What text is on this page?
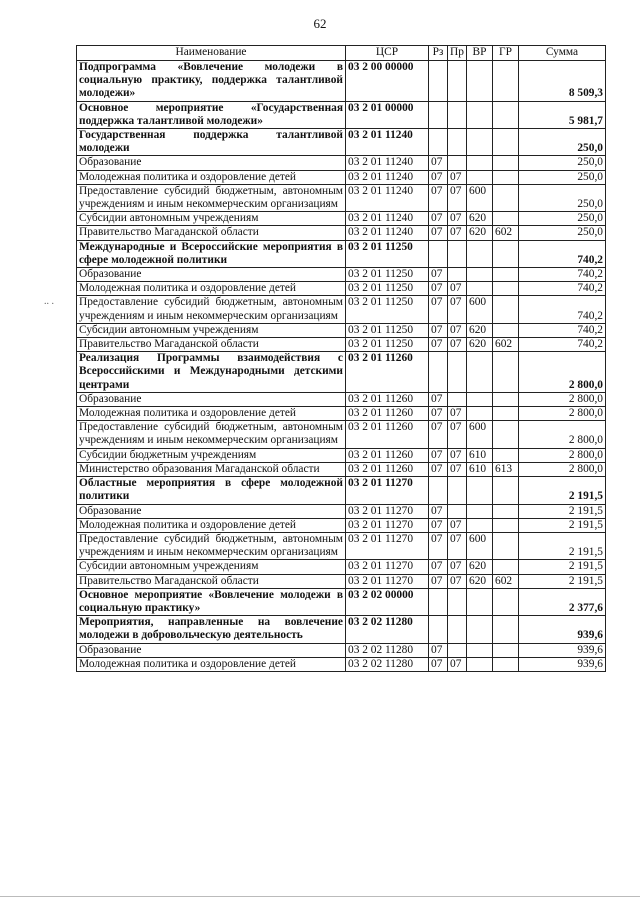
62
.. .
Наименование	ЦСР	Рз	Пр	ВР	ГР	Сумма
Подпрограмма «Вовлечение молодежи в социальную практику, поддержка талантливой молодежи»	03 2 00 00000					8 509,3
Основное мероприятие «Государственная поддержка талантливой молодежи»	03 2 01 00000					5 981,7
Государственная поддержка талантливой молодежи	03 2 01 11240					250,0
Образование	03 2 01 11240	07				250,0
Молодежная политика и оздоровление детей	03 2 01 11240	07	07			250,0
Предоставление субсидий бюджетным, автономным учреждениям и иным некоммерческим организациям	03 2 01 11240	07	07	600		250,0
Субсидии автономным учреждениям	03 2 01 11240	07	07	620		250,0
Правительство Магаданской области	03 2 01 11240	07	07	620	602	250,0
Международные и Всероссийские мероприятия в сфере молодежной политики	03 2 01 11250					740,2
Образование	03 2 01 11250	07				740,2
Молодежная политика и оздоровление детей	03 2 01 11250	07	07			740,2
Предоставление субсидий бюджетным, автономным учреждениям и иным некоммерческим организациям	03 2 01 11250	07	07	600		740,2
Субсидии автономным учреждениям	03 2 01 11250	07	07	620		740,2
Правительство Магаданской области	03 2 01 11250	07	07	620	602	740,2
Реализация Программы взаимодействия с Всероссийскими и Международными детскими центрами	03 2 01 11260					2 800,0
Образование	03 2 01 11260	07				2 800,0
Молодежная политика и оздоровление детей	03 2 01 11260	07	07			2 800,0
Предоставление субсидий бюджетным, автономным учреждениям и иным некоммерческим организациям	03 2 01 11260	07	07	600		2 800,0
Субсидии бюджетным учреждениям	03 2 01 11260	07	07	610		2 800,0
Министерство образования Магаданской области	03 2 01 11260	07	07	610	613	2 800,0
Областные мероприятия в сфере молодежной политики	03 2 01 11270					2 191,5
Образование	03 2 01 11270	07				2 191,5
Молодежная политика и оздоровление детей	03 2 01 11270	07	07			2 191,5
Предоставление субсидий бюджетным, автономным учреждениям и иным некоммерческим организациям	03 2 01 11270	07	07	600		2 191,5
Субсидии автономным учреждениям	03 2 01 11270	07	07	620		2 191,5
Правительство Магаданской области	03 2 01 11270	07	07	620	602	2 191,5
Основное мероприятие «Вовлечение молодежи в социальную практику»	03 2 02 00000					2 377,6
Мероприятия, направленные на вовлечение молодежи в добровольческую деятельность	03 2 02 11280					939,6
Образование	03 2 02 11280	07				939,6
Молодежная политика и оздоровление детей	03 2 02 11280	07	07			939,6
